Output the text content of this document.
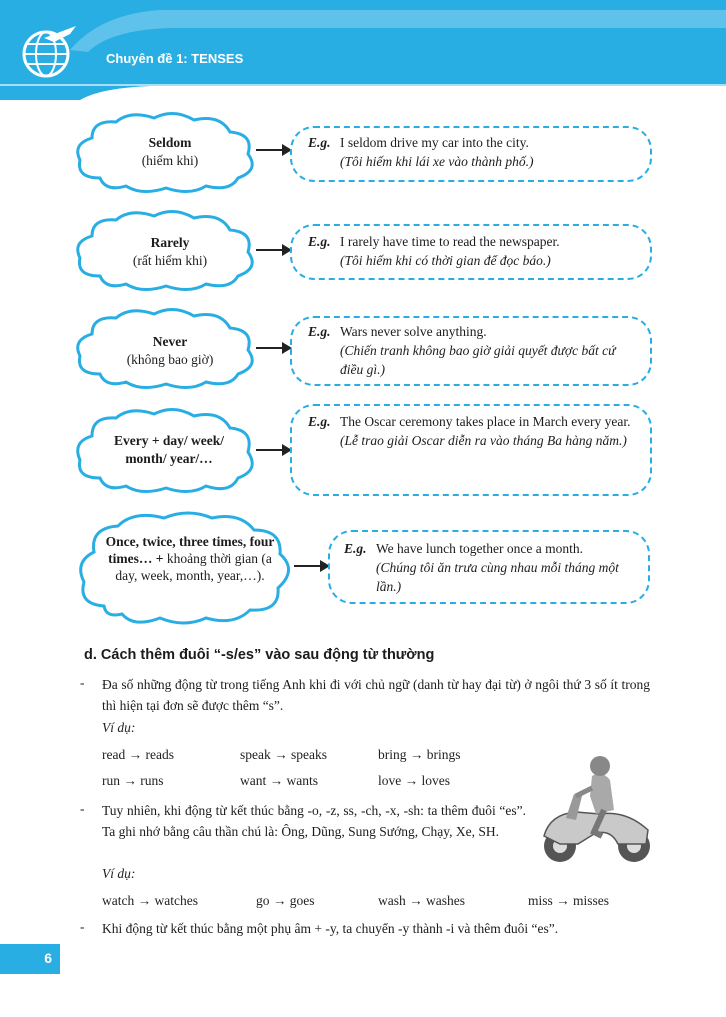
Chuyên đề 1: TENSES
Seldom
(hiếm khi)
Rarely
(rất hiếm khi)
Never
(không bao giờ)
Every + day/ week/ month/ year/…
Once, twice, three times, four times… + khoảng thời gian (a day, week, month, year,…).
E.g. I seldom drive my car into the city.
(Tôi hiếm khi lái xe vào thành phố.)
E.g. I rarely have time to read the newspaper.
(Tôi hiếm khi có thời gian để đọc báo.)
E.g. Wars never solve anything.
(Chiến tranh không bao giờ giải quyết được bất cứ điều gì.)
E.g. The Oscar ceremony takes place in March every year.
(Lễ trao giải Oscar diễn ra vào tháng Ba hàng năm.)
E.g. We have lunch together once a month.
(Chúng tôi ăn trưa cùng nhau mỗi tháng một lần.)
d. Cách thêm đuôi “-s/es” vào sau động từ thường
- Đa số những động từ trong tiếng Anh khi đi với chủ ngữ (danh từ hay đại từ) ở ngôi thứ 3 số ít trong thì hiện tại đơn sẽ được thêm “s”.
Ví dụ:
read → reads	speak → speaks	bring → brings
run → runs	want → wants	love → loves
- Tuy nhiên, khi động từ kết thúc bằng -o, -z, ss, -ch, -x, -sh: ta thêm đuôi “es”. Ta ghi nhớ bằng câu thần chú là: Ông, Dũng, Sung Sướng, Chạy, Xe, SH.
Ví dụ:
watch → watches	go → goes	wash → washes	miss → misses
- Khi động từ kết thúc bằng một phụ âm + -y, ta chuyển -y thành -i và thêm đuôi “es”.
6
